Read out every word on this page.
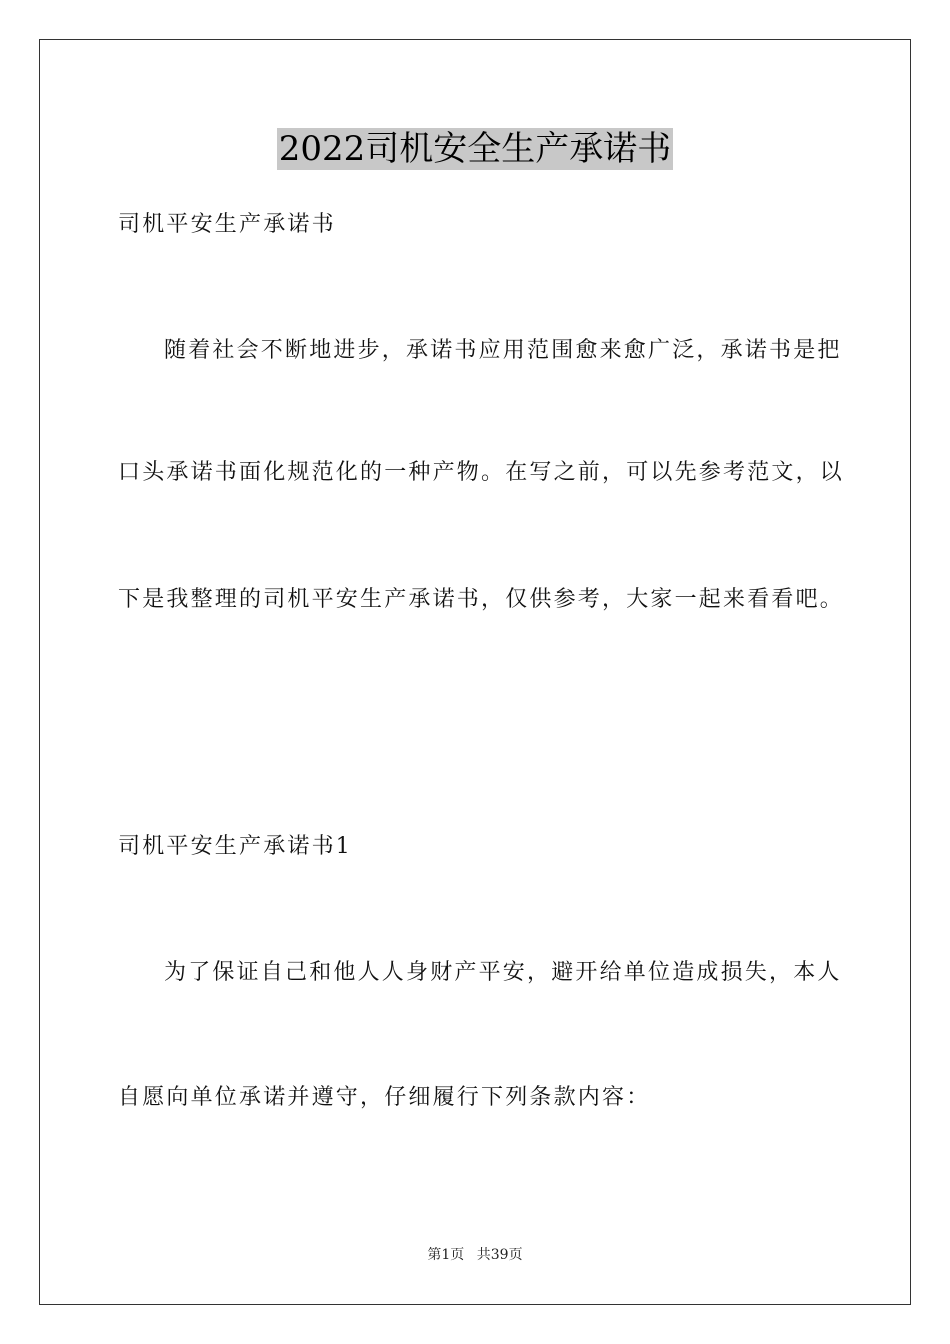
2022司机安全生产承诺书
司机平安生产承诺书
随着社会不断地进步，承诺书应用范围愈来愈广泛，承诺书是把
口头承诺书面化规范化的一种产物。在写之前，可以先参考范文，以
下是我整理的司机平安生产承诺书，仅供参考，大家一起来看看吧。
司机平安生产承诺书1
为了保证自己和他人人身财产平安，避开给单位造成损失，本人
自愿向单位承诺并遵守，仔细履行下列条款内容：
第1页 共39页
